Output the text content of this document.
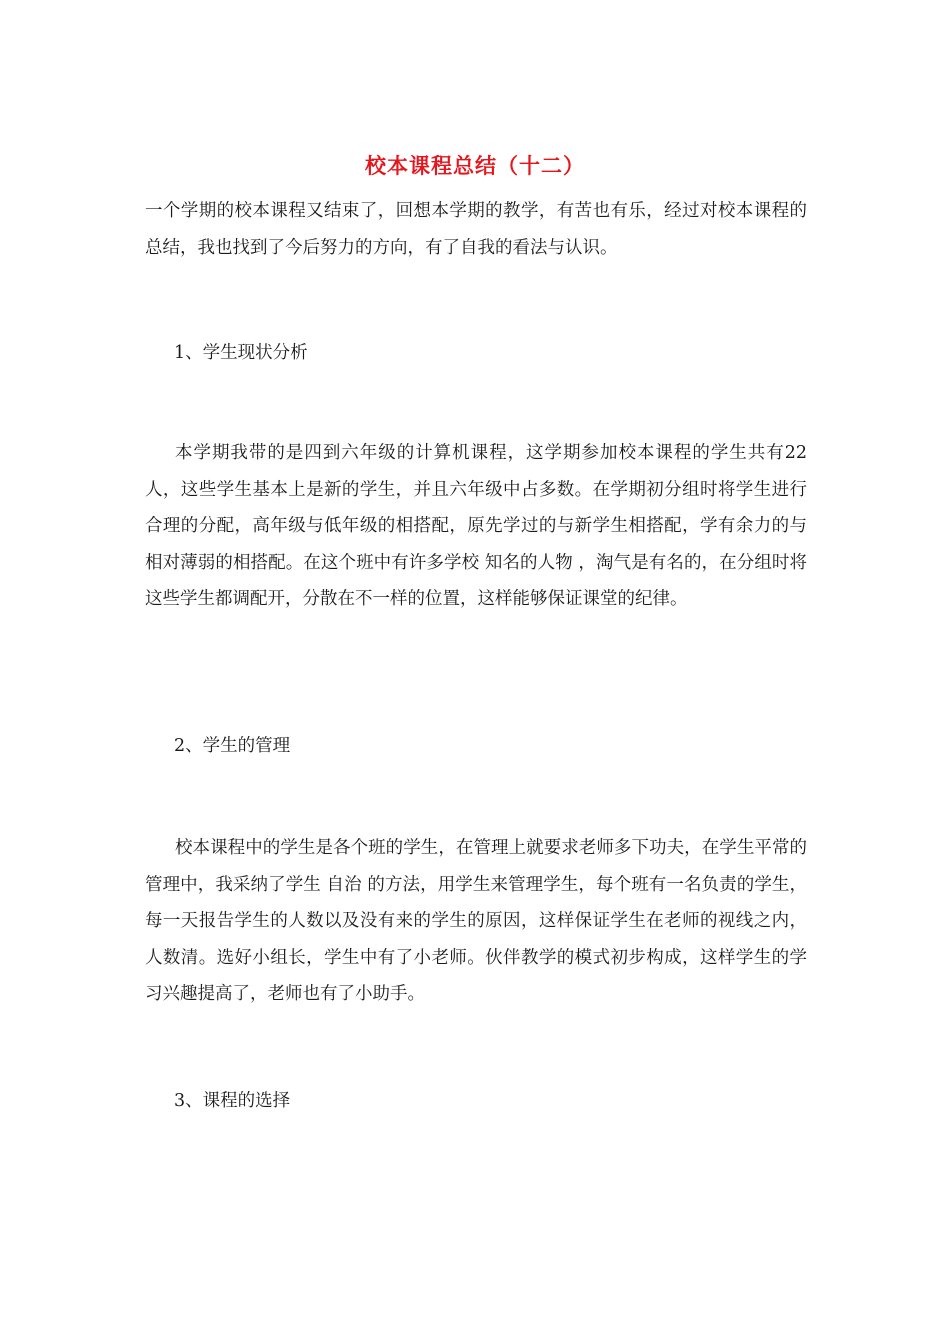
校本课程总结（十二）
一个学期的校本课程又结束了，回想本学期的教学，有苦也有乐，经过对校本课程的总结，我也找到了今后努力的方向，有了自我的看法与认识。
1、学生现状分析
本学期我带的是四到六年级的计算机课程，这学期参加校本课程的学生共有22人，这些学生基本上是新的学生，并且六年级中占多数。在学期初分组时将学生进行合理的分配，高年级与低年级的相搭配，原先学过的与新学生相搭配，学有余力的与相对薄弱的相搭配。在这个班中有许多学校 知名的人物 ，淘气是有名的，在分组时将这些学生都调配开，分散在不一样的位置，这样能够保证课堂的纪律。
2、学生的管理
校本课程中的学生是各个班的学生，在管理上就要求老师多下功夫，在学生平常的管理中，我采纳了学生 自治 的方法，用学生来管理学生，每个班有一名负责的学生，每一天报告学生的人数以及没有来的学生的原因，这样保证学生在老师的视线之内，人数清。选好小组长，学生中有了小老师。伙伴教学的模式初步构成，这样学生的学习兴趣提高了，老师也有了小助手。
3、课程的选择
